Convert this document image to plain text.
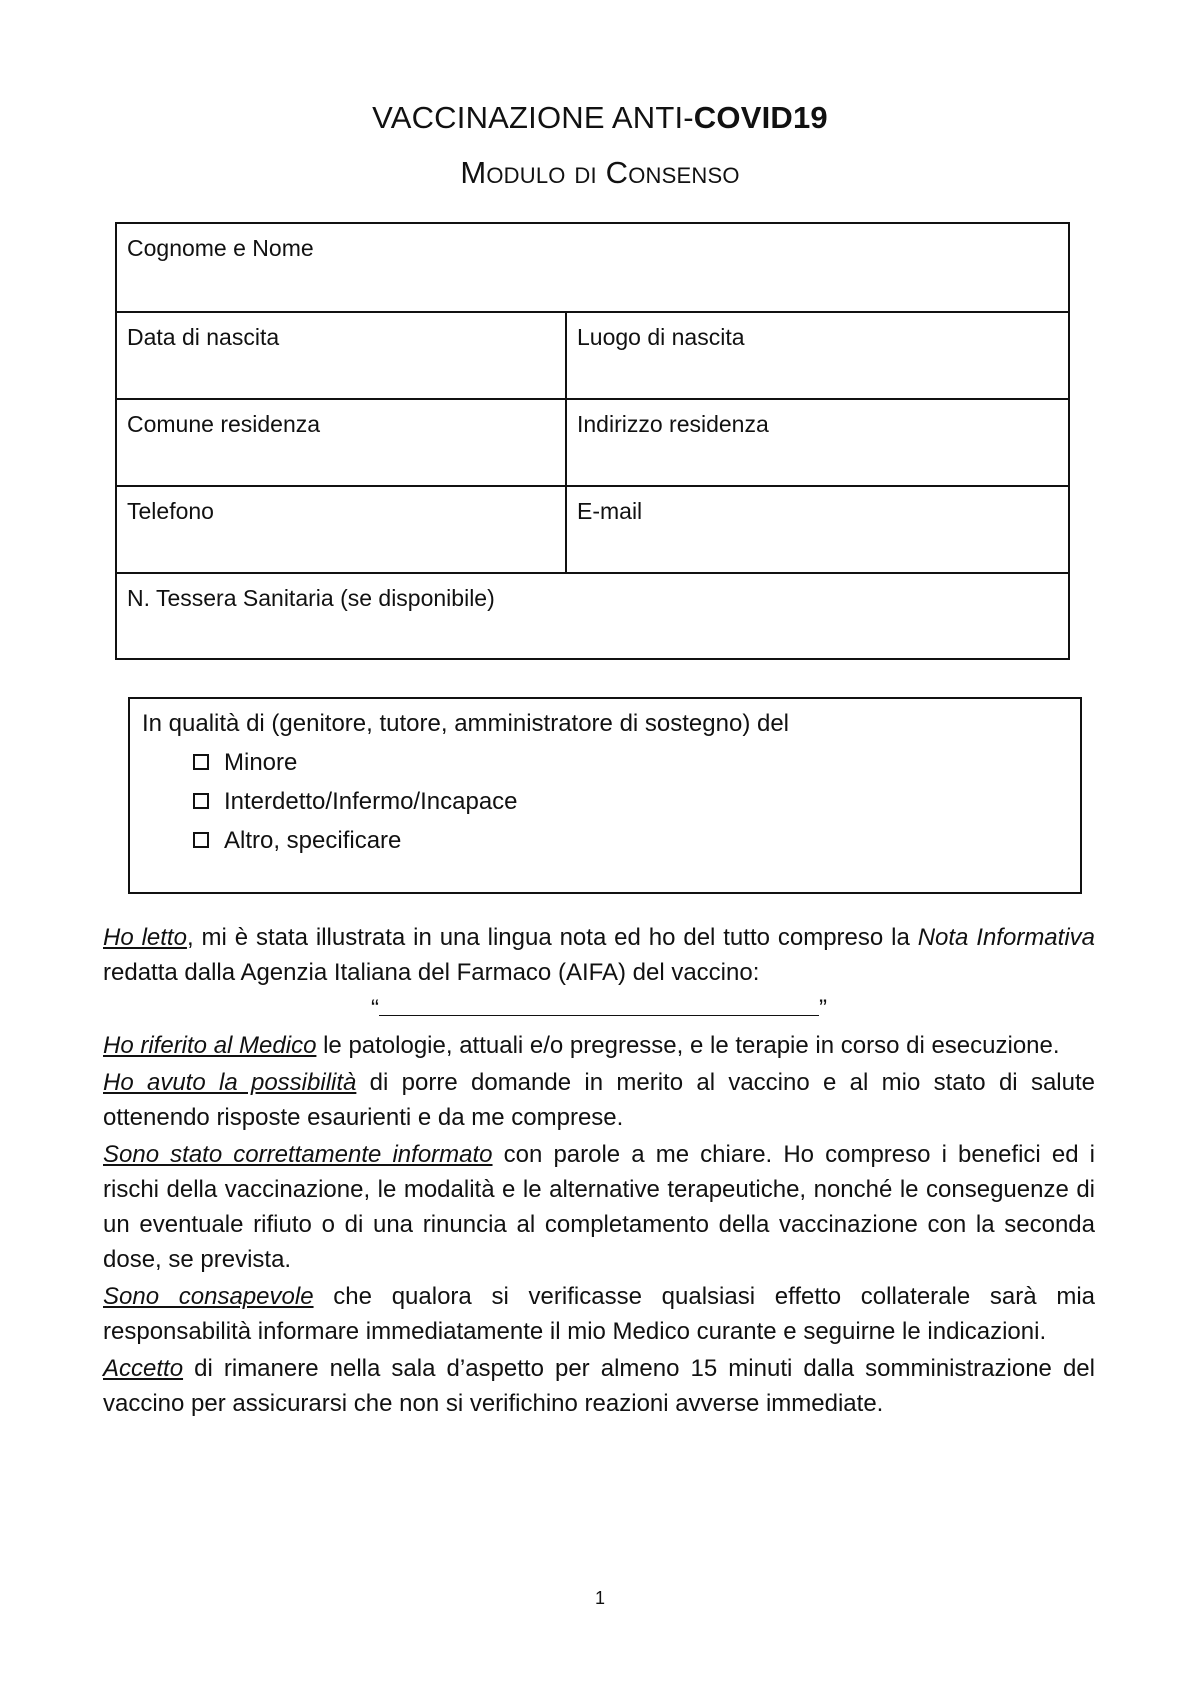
VACCINAZIONE ANTI-COVID19
Modulo di Consenso
Cognome e Nome
Data di nascita	Luogo di nascita
Comune residenza	Indirizzo residenza
Telefono	E-mail
N. Tessera Sanitaria (se disponibile)
In qualità di (genitore, tutore, amministratore di sostegno) del
Minore
Interdetto/Infermo/Incapace
Altro, specificare

Ho letto, mi è stata illustrata in una lingua nota ed ho del tutto compreso la Nota Informativa redatta dalla Agenzia Italiana del Farmaco (AIFA) del vaccino:

“	”

Ho riferito al Medico le patologie, attuali e/o pregresse, e le terapie in corso di esecuzione.

Ho avuto la possibilità di porre domande in merito al vaccino e al mio stato di salute ottenendo risposte esaurienti e da me comprese.

Sono stato correttamente informato con parole a me chiare. Ho compreso i benefici ed i rischi della vaccinazione, le modalità e le alternative terapeutiche, nonché le conseguenze di un eventuale rifiuto o di una rinuncia al completamento della vaccinazione con la seconda dose, se prevista.

Sono consapevole che qualora si verificasse qualsiasi effetto collaterale sarà mia responsabilità informare immediatamente il mio Medico curante e seguirne le indicazioni.

Accetto di rimanere nella sala d’aspetto per almeno 15 minuti dalla somministrazione del vaccino per assicurarsi che non si verifichino reazioni avverse immediate.

1
